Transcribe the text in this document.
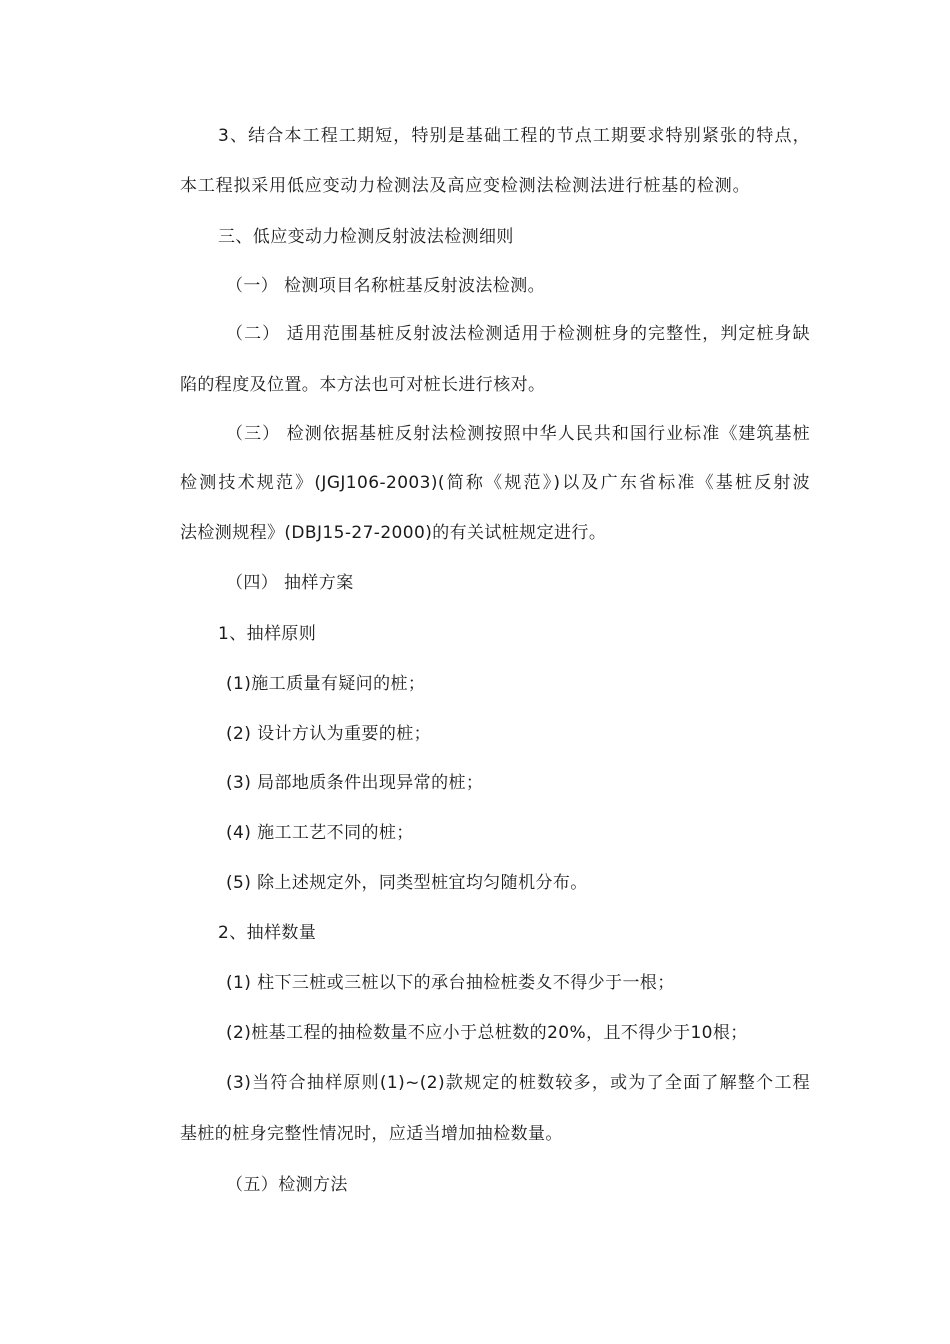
3、结合本工程工期短，特别是基础工程的节点工期要求特别紧张的特点，
本工程拟采用低应变动力检测法及高应变检测法检测法进行桩基的检测。
三、低应变动力检测反射波法检测细则
（一） 检测项目名称桩基反射波法检测。
（二） 适用范围基桩反射波法检测适用于检测桩身的完整性，判定桩身缺
陷的程度及位置。本方法也可对桩长进行核对。
（三） 检测依据基桩反射法检测按照中华人民共和国行业标准《建筑基桩
检测技术规范》(JGJ106-2003)(简称《规范》)以及广东省标准《基桩反射波
法检测规程》(DBJ15-27-2000)的有关试桩规定进行。
（四） 抽样方案
1、抽样原则
(1)施工质量有疑问的桩；
(2) 设计方认为重要的桩；
(3) 局部地质条件出现异常的桩；
(4) 施工工艺不同的桩；
(5) 除上述规定外，同类型桩宜均匀随机分布。
2、抽样数量
(1) 柱下三桩或三桩以下的承台抽检桩娄夊不得少于一根；
(2)桩基工程的抽检数量不应小于总桩数的20%，且不得少于10根；
(3)当符合抽样原则(1)~(2)款规定的桩数较多，或为了全面了解整个工程
基桩的桩身完整性情况时，应适当增加抽检数量。
（五）检测方法
